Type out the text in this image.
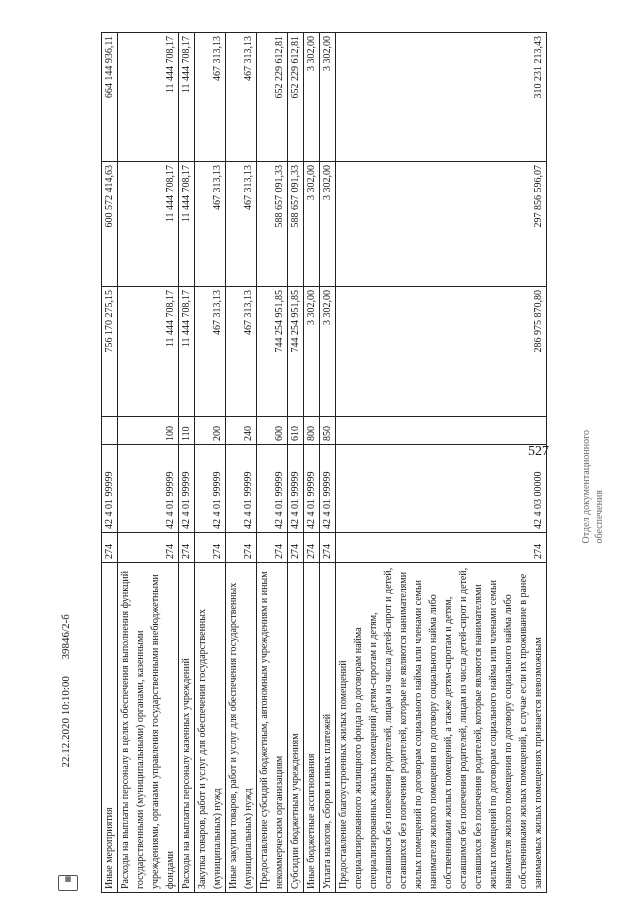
527	Отдел документационного обеспечения
▦
22.12.2020 10:10:00 39846/2-б
Иные мероприятия	274	42 4 01 99999		756 170 275,15	600 572 414,63	664 144 936,11
Расходы на выплаты персоналу в целях обеспечения выполнения функций государственными (муниципальными) органами, казенными учреждениями, органами управления государственными внебюджетными фондами	274	42 4 01 99999	100	11 444 708,17	11 444 708,17	11 444 708,17
Расходы на выплаты персоналу казенных учреждений	274	42 4 01 99999	110	11 444 708,17	11 444 708,17	11 444 708,17
Закупка товаров, работ и услуг для обеспечения государственных (муниципальных) нужд	274	42 4 01 99999	200	467 313,13	467 313,13	467 313,13
Иные закупки товаров, работ и услуг для обеспечения государственных (муниципальных) нужд	274	42 4 01 99999	240	467 313,13	467 313,13	467 313,13
Предоставление субсидий бюджетным, автономным учреждениям и иным некоммерческим организациям	274	42 4 01 99999	600	744 254 951,85	588 657 091,33	652 229 612,81
Субсидии бюджетным учреждениям	274	42 4 01 99999	610	744 254 951,85	588 657 091,33	652 229 612,81
Иные бюджетные ассигнования	274	42 4 01 99999	800	3 302,00	3 302,00	3 302,00
Уплата налогов, сборов и иных платежей	274	42 4 01 99999	850	3 302,00	3 302,00	3 302,00
Предоставление благоустроенных жилых помещений специализированного жилищного фонда по договорам найма специализированных жилых помещений детям-сиротам и детям, оставшимся без попечения родителей, лицам из числа детей-сирот и детей, оставшихся без попечения родителей, которые не являются нанимателями жилых помещений по договорам социального найма или членами семьи нанимателя жилого помещения по договору социального найма либо собственниками жилых помещений, а также детям-сиротам и детям, оставшимся без попечения родителей, лицам из числа детей-сирот и детей, оставшихся без попечения родителей, которые являются нанимателями жилых помещений по договорам социального найма или членами семьи нанимателя жилого помещения по договору социального найма либо собственниками жилых помещений, в случае если их проживание в ранее занимаемых жилых помещениях признается невозможным	274	42 4 03 00000		286 975 870,80	297 856 596,07	310 231 213,43
